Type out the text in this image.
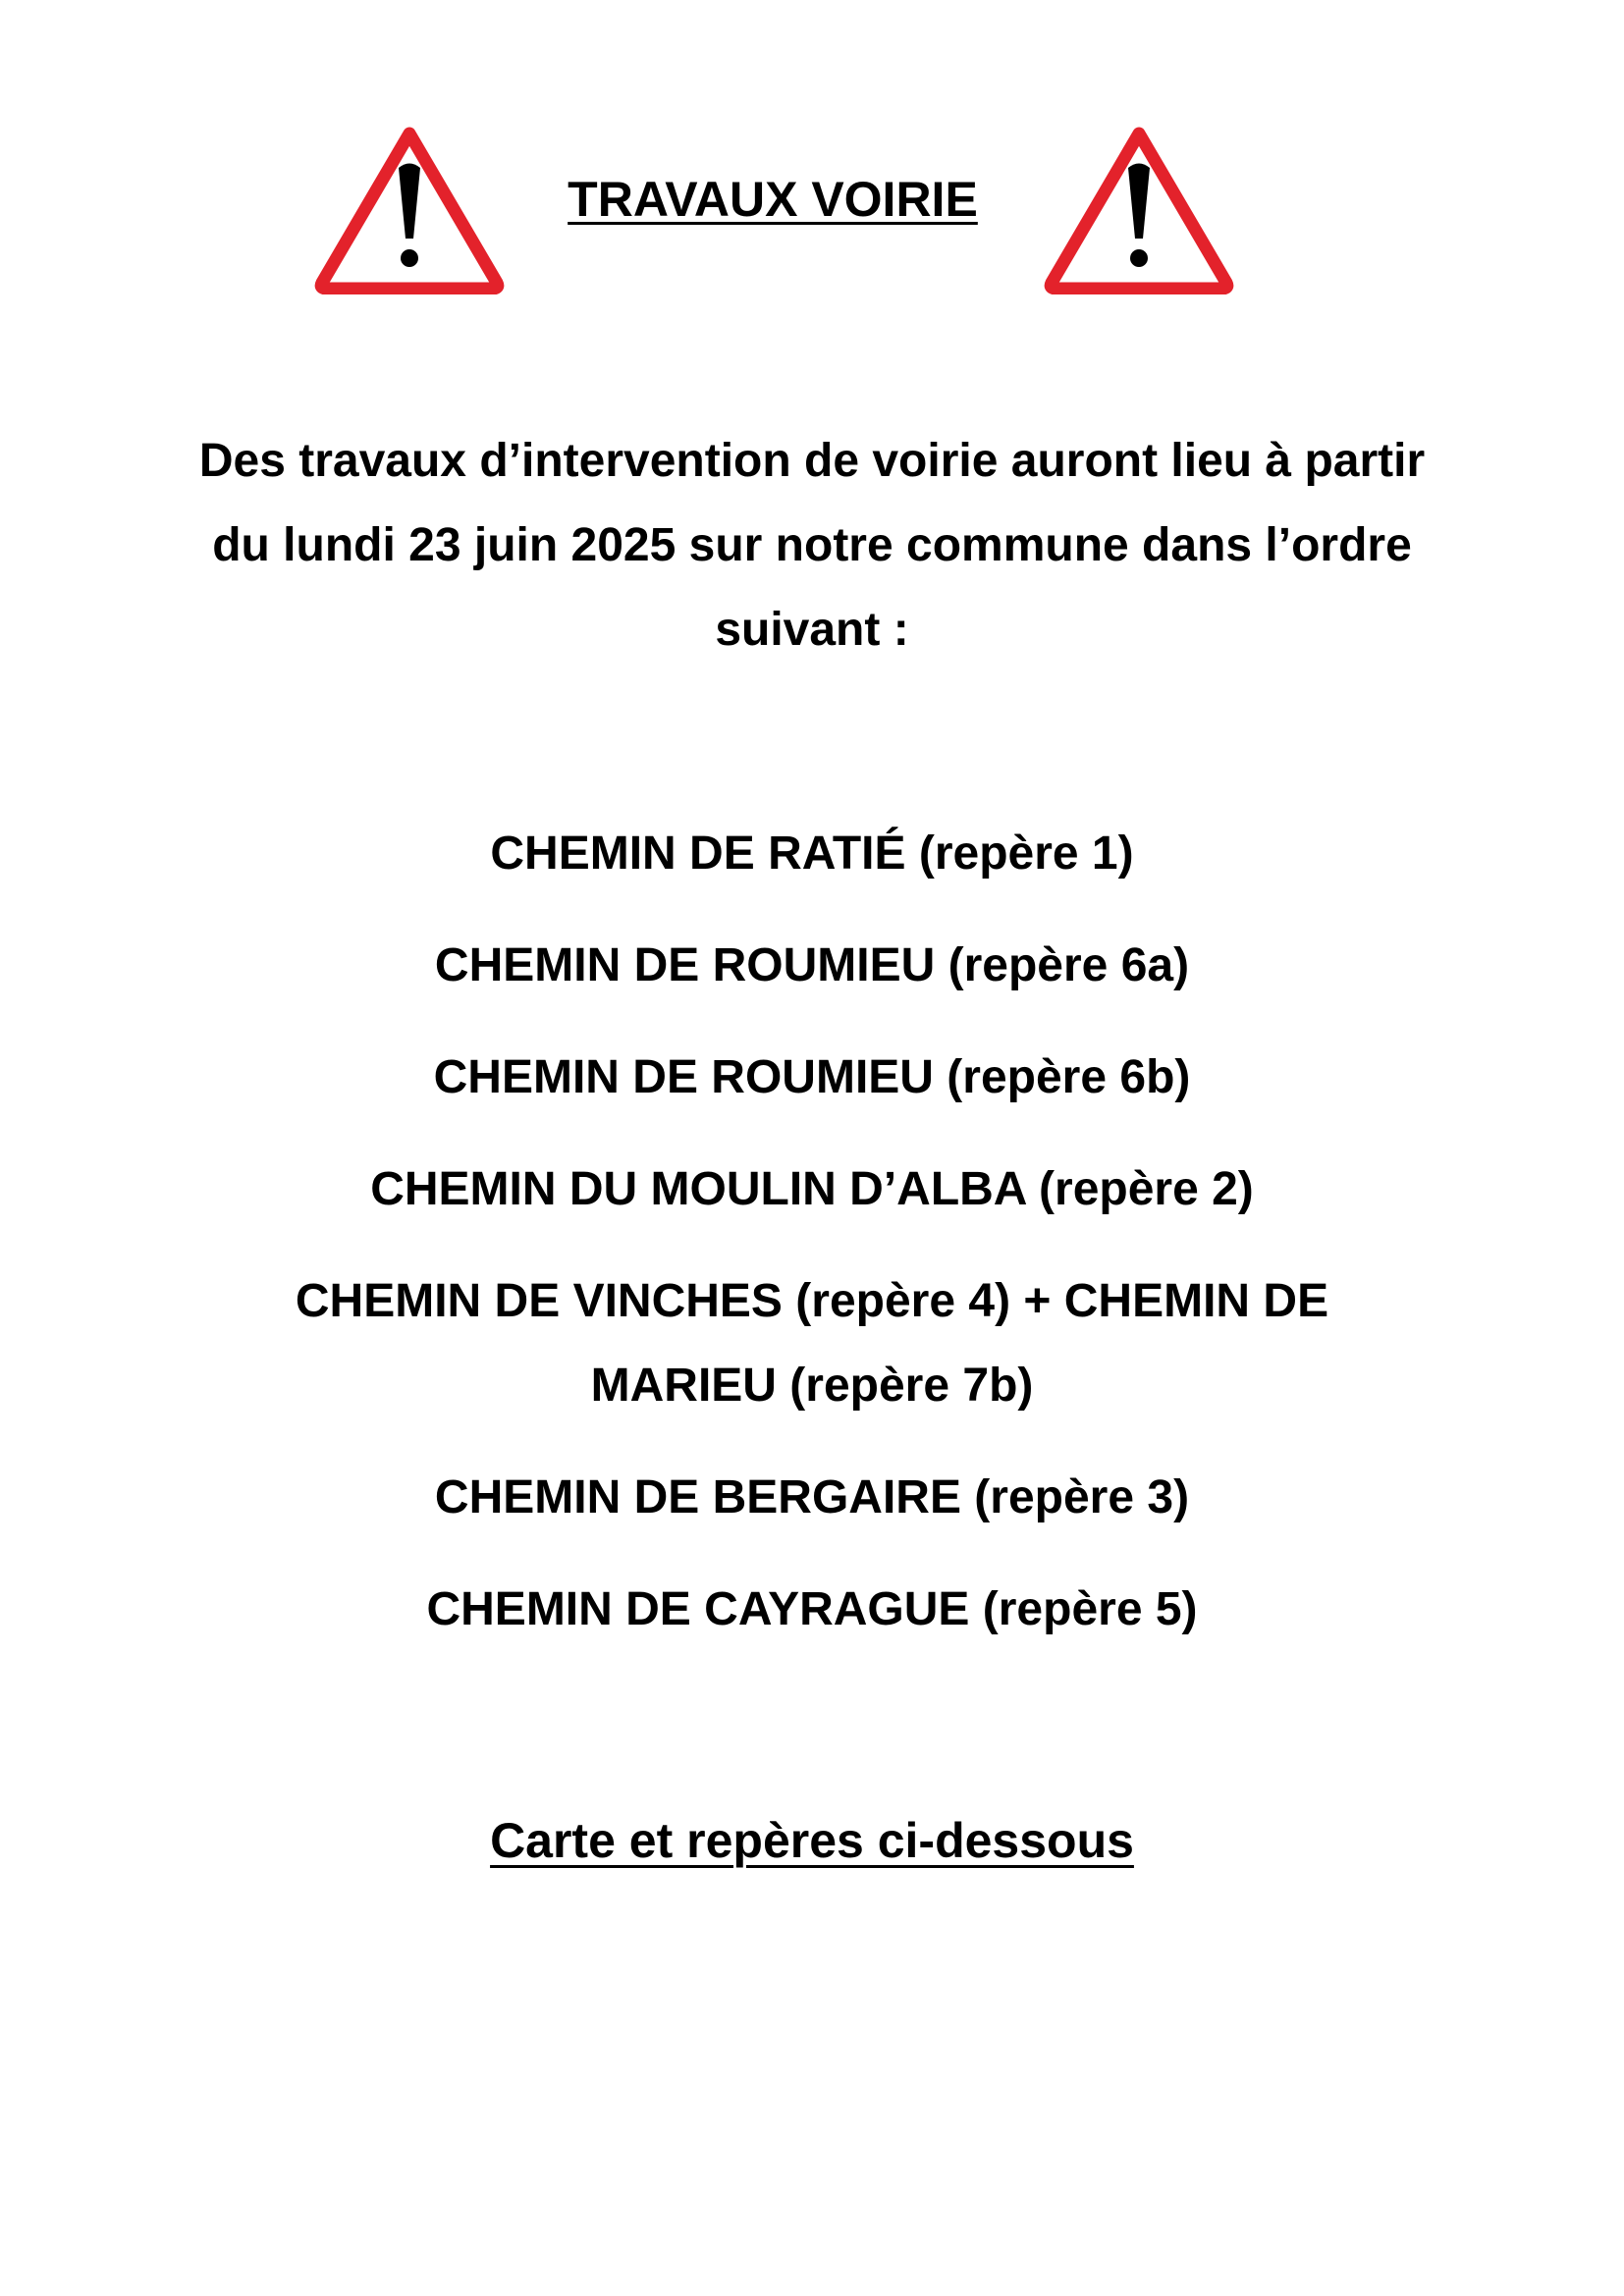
TRAVAUX VOIRIE

Des travaux d’intervention de voirie auront lieu à partir du lundi 23 juin 2025 sur notre commune dans l’ordre suivant :

CHEMIN DE RATIÉ (repère 1)
CHEMIN DE ROUMIEU (repère 6a)
CHEMIN DE ROUMIEU (repère 6b)
CHEMIN DU MOULIN D’ALBA (repère 2)
CHEMIN DE VINCHES (repère 4) + CHEMIN DE MARIEU (repère 7b)
CHEMIN DE BERGAIRE (repère 3)
CHEMIN DE CAYRAGUE (repère 5)

Carte et repères ci-dessous
